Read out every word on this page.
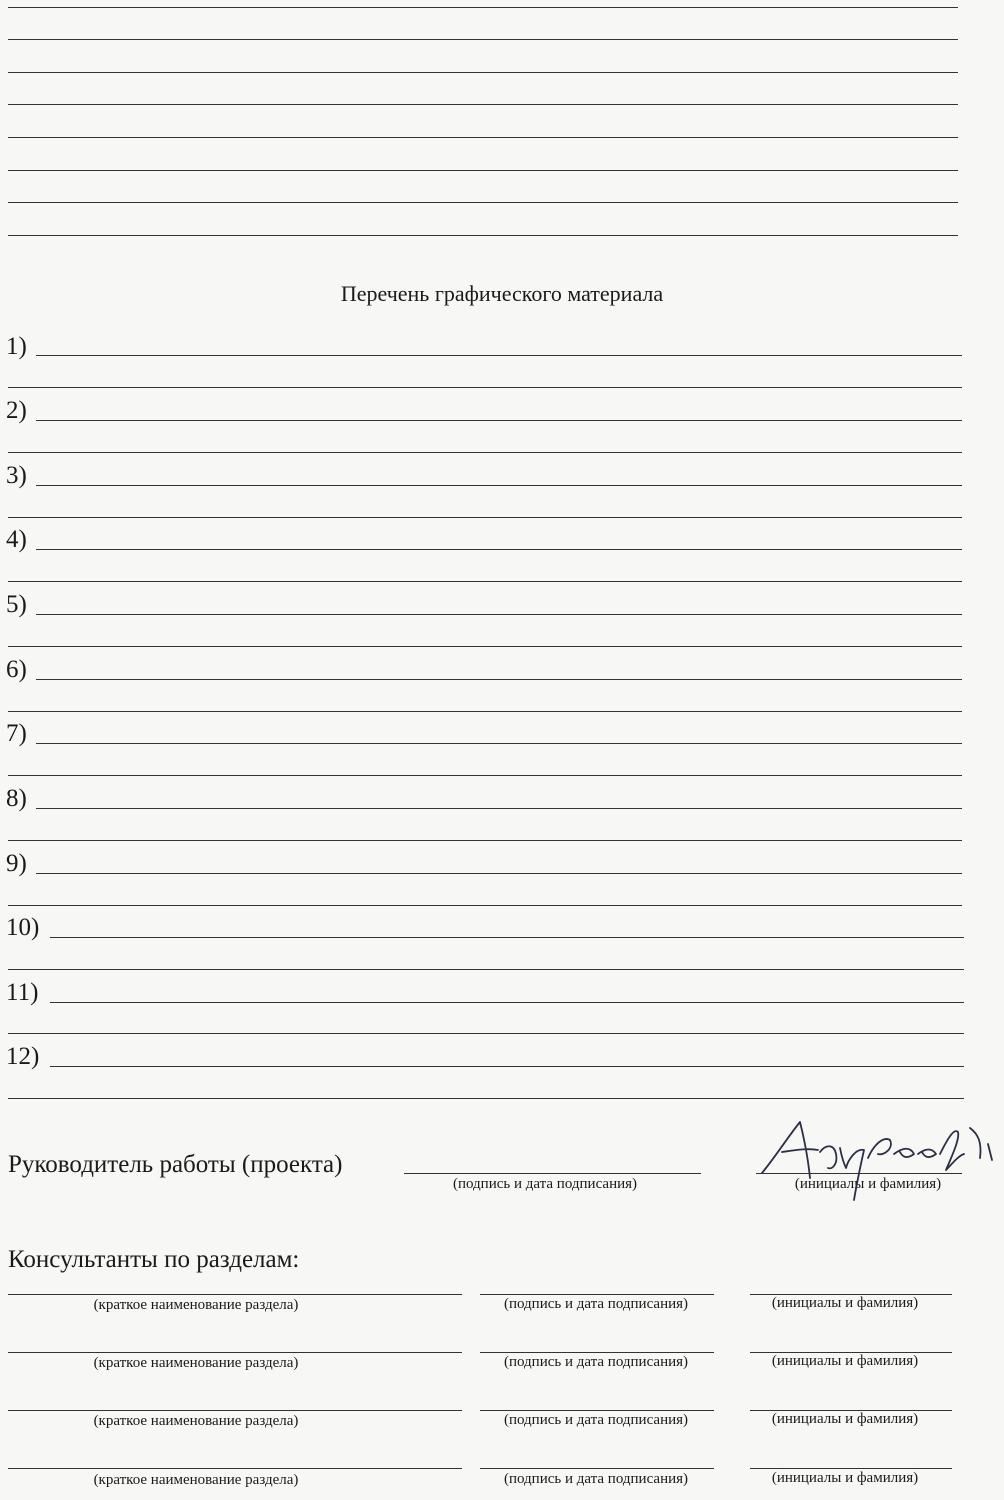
Перечень графического материала
1)
2)
3)
4)
5)
6)
7)
8)
9)
10)
11)
12)
Руководитель работы (проекта)
(подпись и дата подписания)	(инициалы и фамилия)
Консультанты по разделам:
(краткое наименование раздела)	(подпись и дата подписания)	(инициалы и фамилия)
(краткое наименование раздела)	(подпись и дата подписания)	(инициалы и фамилия)
(краткое наименование раздела)	(подпись и дата подписания)	(инициалы и фамилия)
(краткое наименование раздела)	(подпись и дата подписания)	(инициалы и фамилия)
